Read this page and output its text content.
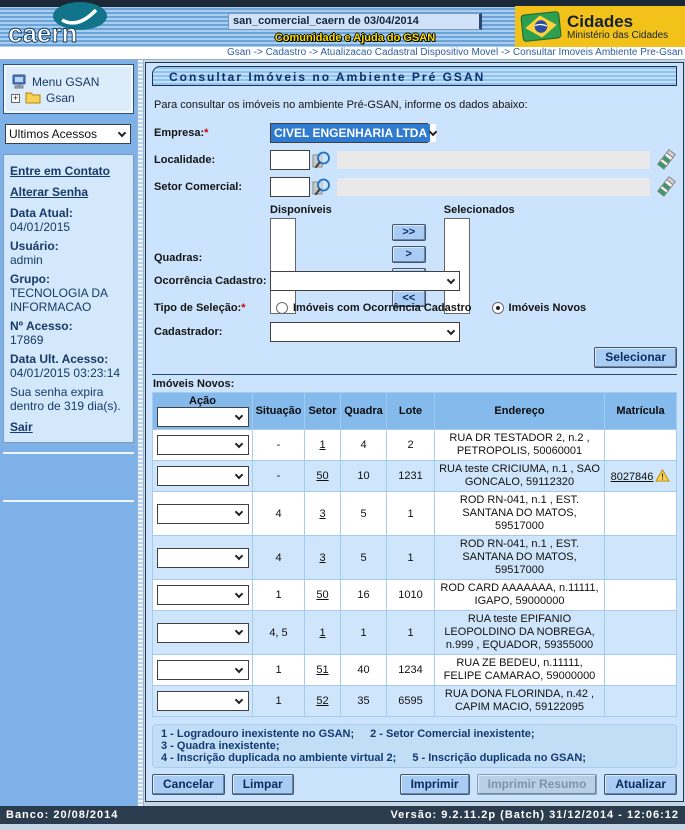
caern	san_comercial_caern de 03/04/2014
Comunidade e Ajuda do GSAN
Cidades
Ministério das Cidades
Gsan -> Cadastro -> Atualizacao Cadastral Dispositivo Movel -> Consultar Imoveis Ambiente Pre-Gsan
Menu GSAN
+ Gsan
Ultimos Acessos
Entre em Contato
Alterar Senha
Data Atual:
04/01/2015
Usuário:
admin
Grupo:
TECNOLOGIA DA INFORMACAO
Nº Acesso:
17869
Data Ult. Acesso:
04/01/2015 03:23:14
Sua senha expira dentro de 319 dia(s).
Sair
Consultar Imóveis no Ambiente Pré GSAN
Para consultar os imóveis no ambiente Pré-GSAN, informe os dados abaixo:
Empresa:*	CIVEL ENGENHARIA LTDA
Localidade:
Setor Comercial:
Quadras:
Disponíveis
>>
>
<<
Selecionados
Ocorrência Cadastro:
Tipo de Seleção:*	Imóveis com Ocorrência Cadastro	Imóveis Novos
Cadastrador:
Selecionar
Imóveis Novos:
Ação	Situação	Setor	Quadra	Lote	Endereço	Matrícula

	-	1	4	2	RUA DR TESTADOR 2, n.2 , PETROPOLIS, 50060001	

	-	50	10	1231	RUA teste CRICIUMA, n.1 , SAO GONCALO, 59112320	8027846 !

	4	3	5	1	ROD RN-041, n.1 , EST. SANTANA DO MATOS, 59517000	

	4	3	5	1	ROD RN-041, n.1 , EST. SANTANA DO MATOS, 59517000	

	1	50	16	1010	ROD CARD AAAAAAA, n.11111, IGAPO, 59000000	

	4, 5	1	1	1	RUA teste EPIFANIO LEOPOLDINO DA NOBREGA, n.999 , EQUADOR, 59355000	

	1	51	40	1234	RUA ZE BEDEU, n.11111, FELIPE CAMARAO, 59000000	

	1	52	35	6595	RUA DONA FLORINDA, n.42 , CAPIM MACIO, 59122095	
1 - Logradouro inexistente no GSAN; 2 - Setor Comercial inexistente;
3 - Quadra inexistente;
4 - Inscrição duplicada no ambiente virtual 2; 5 - Inscrição duplicada no GSAN;
Cancelar	Limpar	Imprimir	Imprimir Resumo	Atualizar
Banco: 20/08/2014	Versão: 9.2.11.2p (Batch) 31/12/2014 - 12:06:12
